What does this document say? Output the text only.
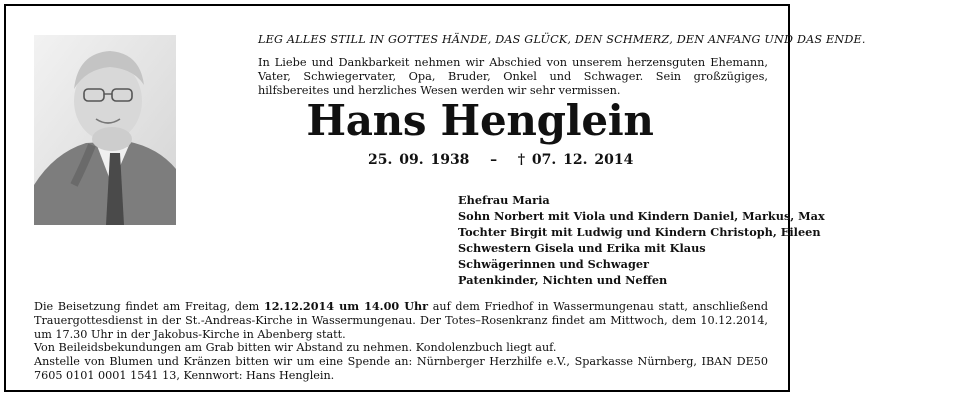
LEG ALLES STILL IN GOTTES HÄNDE, DAS GLÜCK, DEN SCHMERZ, DEN ANFANG UND DAS ENDE.
In Liebe und Dankbarkeit nehmen wir Abschied von unserem herzensguten Ehemann, Vater, Schwiegervater, Opa, Bruder, Onkel und Schwager. Sein großzügiges, hilfsbereites und herzliches Wesen werden wir sehr vermissen.
Hans Henglein
25. 09. 1938 – † 07. 12. 2014
Ehefrau Maria
Sohn Norbert mit Viola und Kindern Daniel, Markus, Max
Tochter Birgit mit Ludwig und Kindern Christoph, Eileen
Schwestern Gisela und Erika mit Klaus
Schwägerinnen und Schwager
Patenkinder, Nichten und Neffen

Die Beisetzung findet am Freitag, dem 12.12.2014 um 14.00 Uhr auf dem Friedhof in Wassermungenau statt, anschließend Trauergottesdienst in der St.-Andreas-Kirche in Wassermungenau. Der Totes–Rosenkranz findet am Mittwoch, dem 10.12.2014, um 17.30 Uhr in der Jakobus-Kirche in Abenberg statt.

Von Beileidsbekundungen am Grab bitten wir Abstand zu nehmen. Kondolenzbuch liegt auf.

Anstelle von Blumen und Kränzen bitten wir um eine Spende an: Nürnberger Herzhilfe e.V., Sparkasse Nürnberg, IBAN DE50 7605 0101 0001 1541 13, Kennwort: Hans Henglein.
